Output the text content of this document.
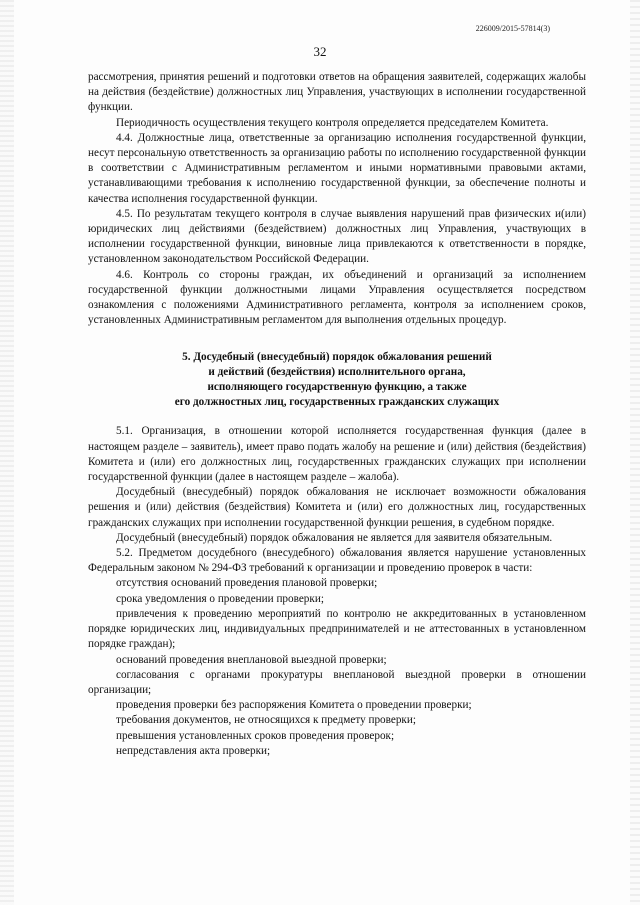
226009/2015-57814(3)
32

рассмотрения, принятия решений и подготовки ответов на обращения заявителей, содержащих жалобы на действия (бездействие) должностных лиц Управления, участвующих в исполнении государственной функции.

Периодичность осуществления текущего контроля определяется председателем Комитета.

4.4. Должностные лица, ответственные за организацию исполнения государственной функции, несут персональную ответственность за организацию работы по исполнению государственной функции в соответствии с Административным регламентом и иными нормативными правовыми актами, устанавливающими требования к исполнению государственной функции, за обеспечение полноты и качества исполнения государственной функции.

4.5. По результатам текущего контроля в случае выявления нарушений прав физических и(или) юридических лиц действиями (бездействием) должностных лиц Управления, участвующих в исполнении государственной функции, виновные лица привлекаются к ответственности в порядке, установленном законодательством Российской Федерации.

4.6. Контроль со стороны граждан, их объединений и организаций за исполнением государственной функции должностными лицами Управления осуществляется посредством ознакомления с положениями Административного регламента, контроля за исполнением сроков, установленных Административным регламентом для выполнения отдельных процедур.

5. Досудебный (внесудебный) порядок обжалования решений
и действий (бездействия) исполнительного органа,
исполняющего государственную функцию, а также
его должностных лиц, государственных гражданских служащих

5.1. Организация, в отношении которой исполняется государственная функция (далее в настоящем разделе – заявитель), имеет право подать жалобу на решение и (или) действия (бездействия) Комитета и (или) его должностных лиц, государственных гражданских служащих при исполнении государственной функции (далее в настоящем разделе – жалоба).

Досудебный (внесудебный) порядок обжалования не исключает возможности обжалования решения и (или) действия (бездействия) Комитета и (или) его должностных лиц, государственных гражданских служащих при исполнении государственной функции решения, в судебном порядке.

Досудебный (внесудебный) порядок обжалования не является для заявителя обязательным.

5.2. Предметом досудебного (внесудебного) обжалования является нарушение установленных Федеральным законом № 294-ФЗ требований к организации и проведению проверок в части:

отсутствия оснований проведения плановой проверки;

срока уведомления о проведении проверки;

привлечения к проведению мероприятий по контролю не аккредитованных в установленном порядке юридических лиц, индивидуальных предпринимателей и не аттестованных в установленном порядке граждан);

оснований проведения внеплановой выездной проверки;

согласования с органами прокуратуры внеплановой выездной проверки в отношении организации;

проведения проверки без распоряжения Комитета о проведении проверки;

требования документов, не относящихся к предмету проверки;

превышения установленных сроков проведения проверок;

непредставления акта проверки;
